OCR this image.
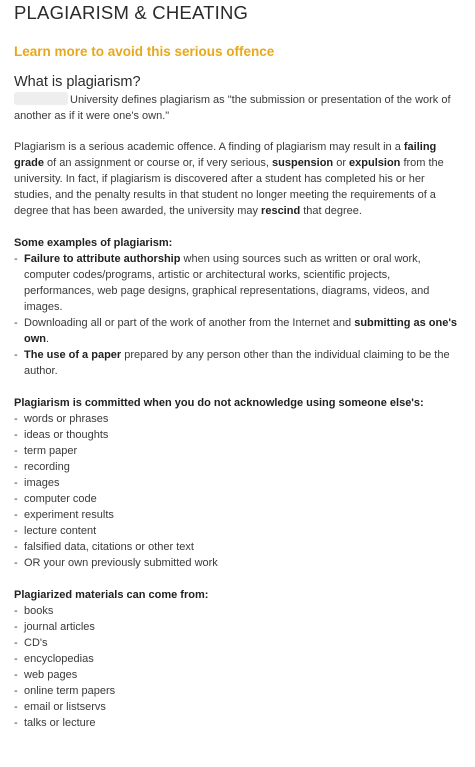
PLAGIARISM & CHEATING
Learn more to avoid this serious offence
What is plagiarism?

University defines plagiarism as "the submission or presentation of the work of another as if it were one's own."

Plagiarism is a serious academic offence. A finding of plagiarism may result in a failing grade of an assignment or course or, if very serious, suspension or expulsion from the university. In fact, if plagiarism is discovered after a student has completed his or her studies, and the penalty results in that student no longer meeting the requirements of a degree that has been awarded, the university may rescind that degree.

Some examples of plagiarism:

- Failure to attribute authorship when using sources such as written or oral work, computer codes/programs, artistic or architectural works, scientific projects, performances, web page designs, graphical representations, diagrams, videos, and images.
- Downloading all or part of the work of another from the Internet and submitting as one's own.
- The use of a paper prepared by any person other than the individual claiming to be the author.

Plagiarism is committed when you do not acknowledge using someone else's:

- words or phrases
- ideas or thoughts
- term paper
- recording
- images
- computer code
- experiment results
- lecture content
- falsified data, citations or other text
- OR your own previously submitted work

Plagiarized materials can come from:

- books
- journal articles
- CD's
- encyclopedias
- web pages
- online term papers
- email or listservs
- talks or lecture
